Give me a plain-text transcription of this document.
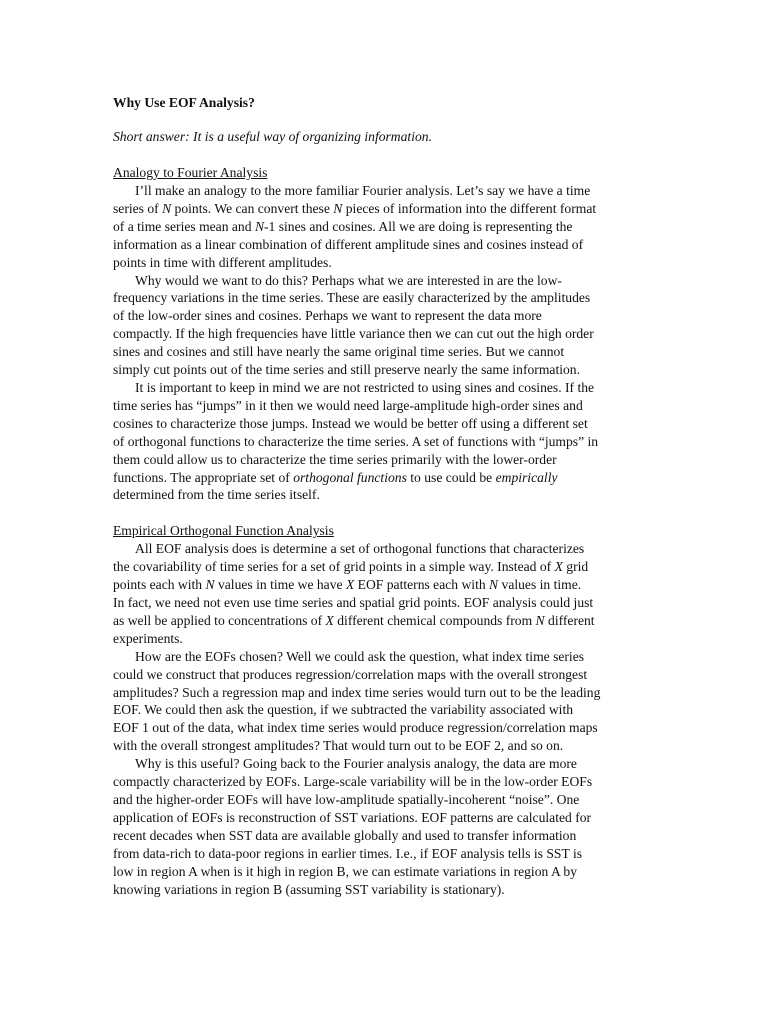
Why Use EOF Analysis?
Short answer: It is a useful way of organizing information.
Analogy to Fourier Analysis
I’ll make an analogy to the more familiar Fourier analysis. Let’s say we have a time
series of N points. We can convert these N pieces of information into the different format
of a time series mean and N-1 sines and cosines. All we are doing is representing the
information as a linear combination of different amplitude sines and cosines instead of
points in time with different amplitudes.
Why would we want to do this? Perhaps what we are interested in are the low-
frequency variations in the time series. These are easily characterized by the amplitudes
of the low-order sines and cosines. Perhaps we want to represent the data more
compactly. If the high frequencies have little variance then we can cut out the high order
sines and cosines and still have nearly the same original time series. But we cannot
simply cut points out of the time series and still preserve nearly the same information.
It is important to keep in mind we are not restricted to using sines and cosines. If the
time series has “jumps” in it then we would need large-amplitude high-order sines and
cosines to characterize those jumps. Instead we would be better off using a different set
of orthogonal functions to characterize the time series. A set of functions with “jumps” in
them could allow us to characterize the time series primarily with the lower-order
functions. The appropriate set of orthogonal functions to use could be empirically
determined from the time series itself.
Empirical Orthogonal Function Analysis
All EOF analysis does is determine a set of orthogonal functions that characterizes
the covariability of time series for a set of grid points in a simple way. Instead of X grid
points each with N values in time we have X EOF patterns each with N values in time.
In fact, we need not even use time series and spatial grid points. EOF analysis could just
as well be applied to concentrations of X different chemical compounds from N different
experiments.
How are the EOFs chosen? Well we could ask the question, what index time series
could we construct that produces regression/correlation maps with the overall strongest
amplitudes? Such a regression map and index time series would turn out to be the leading
EOF. We could then ask the question, if we subtracted the variability associated with
EOF 1 out of the data, what index time series would produce regression/correlation maps
with the overall strongest amplitudes? That would turn out to be EOF 2, and so on.
Why is this useful? Going back to the Fourier analysis analogy, the data are more
compactly characterized by EOFs. Large-scale variability will be in the low-order EOFs
and the higher-order EOFs will have low-amplitude spatially-incoherent “noise”. One
application of EOFs is reconstruction of SST variations. EOF patterns are calculated for
recent decades when SST data are available globally and used to transfer information
from data-rich to data-poor regions in earlier times. I.e., if EOF analysis tells is SST is
low in region A when is it high in region B, we can estimate variations in region A by
knowing variations in region B (assuming SST variability is stationary).
